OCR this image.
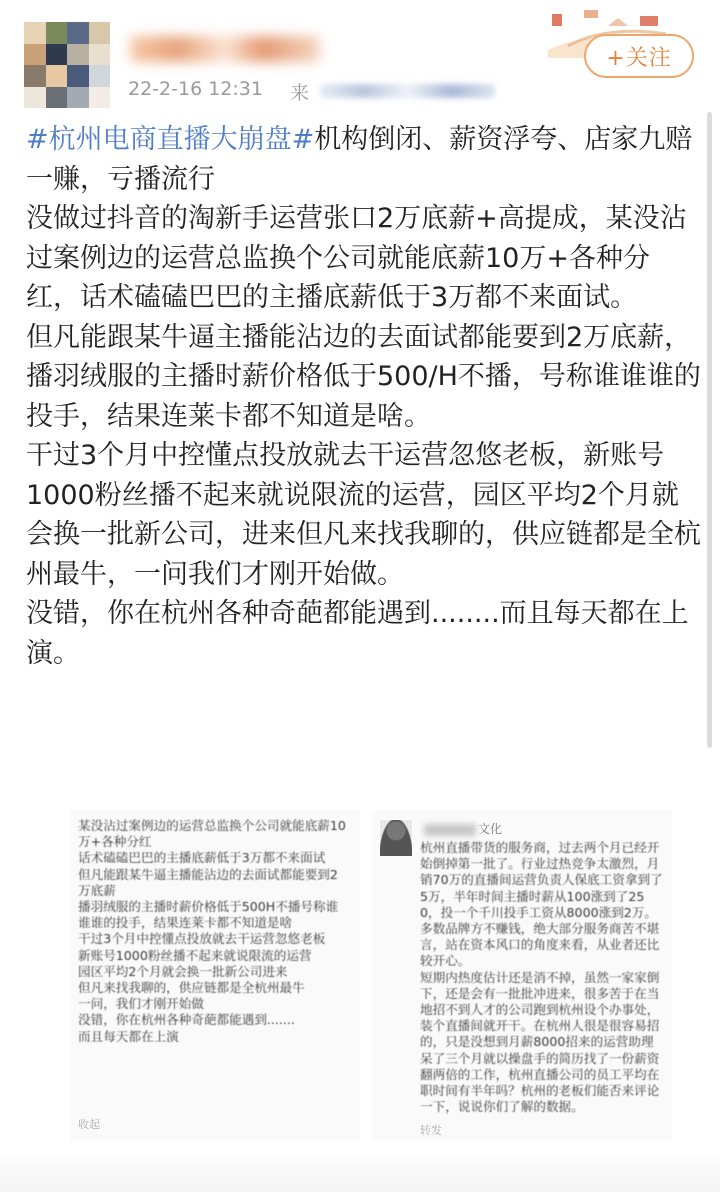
22-2-16 12:31 来
+关注

#杭州电商直播大崩盘#机构倒闭、薪资浮夸、店家九赔一赚，亏播流行

没做过抖音的淘新手运营张口2万底薪+高提成，某没沾过案例边的运营总监换个公司就能底薪10万+各种分红，话术磕磕巴巴的主播底薪低于3万都不来面试。

但凡能跟某牛逼主播能沾边的去面试都能要到2万底薪，播羽绒服的主播时薪价格低于500/H不播，号称谁谁谁的投手，结果连莱卡都不知道是啥。

干过3个月中控懂点投放就去干运营忽悠老板，新账号1000粉丝播不起来就说限流的运营，园区平均2个月就会换一批新公司，进来但凡来找我聊的，供应链都是全杭州最牛，一问我们才刚开始做。

没错，你在杭州各种奇葩都能遇到........而且每天都在上演。

某没沾过案例边的运营总监换个公司就能底薪10万+各种分红
话术磕磕巴巴的主播底薪低于3万都不来面试
但凡能跟某牛逼主播能沾边的去面试都能要到2万底薪
播羽绒服的主播时薪价格低于500H不播号称谁谁谁的投手，结果连莱卡都不知道是啥
干过3个月中控懂点投放就去干运营忽悠老板
新账号1000粉丝播不起来就说限流的运营
园区平均2个月就会换一批新公司进来
但凡来找我聊的，供应链都是全杭州最牛
一问，我们才刚开始做
没错，你在杭州各种奇葩都能遇到.......
而且每天都在上演
收起
文化
杭州直播带货的服务商，过去两个月已经开始倒掉第一批了。行业过热竞争太激烈，月销70万的直播间运营负责人保底工资拿到了5万，半年时间主播时薪从100涨到了250，投一个千川投手工资从8000涨到2万。多数品牌方不赚钱，绝大部分服务商苦不堪言，站在资本风口的角度来看，从业者还比较开心。
短期内热度估计还是消不掉，虽然一家家倒下，还是会有一批批冲进来，很多苦于在当地招不到人才的公司跑到杭州设个办事处，装个直播间就开干。在杭州人很是很容易招的，只是没想到月薪8000招来的运营助理呆了三个月就以操盘手的简历找了一份薪资翻两倍的工作，杭州直播公司的员工平均在职时间有半年吗？杭州的老板们能否来评论一下，说说你们了解的数据。
转发
